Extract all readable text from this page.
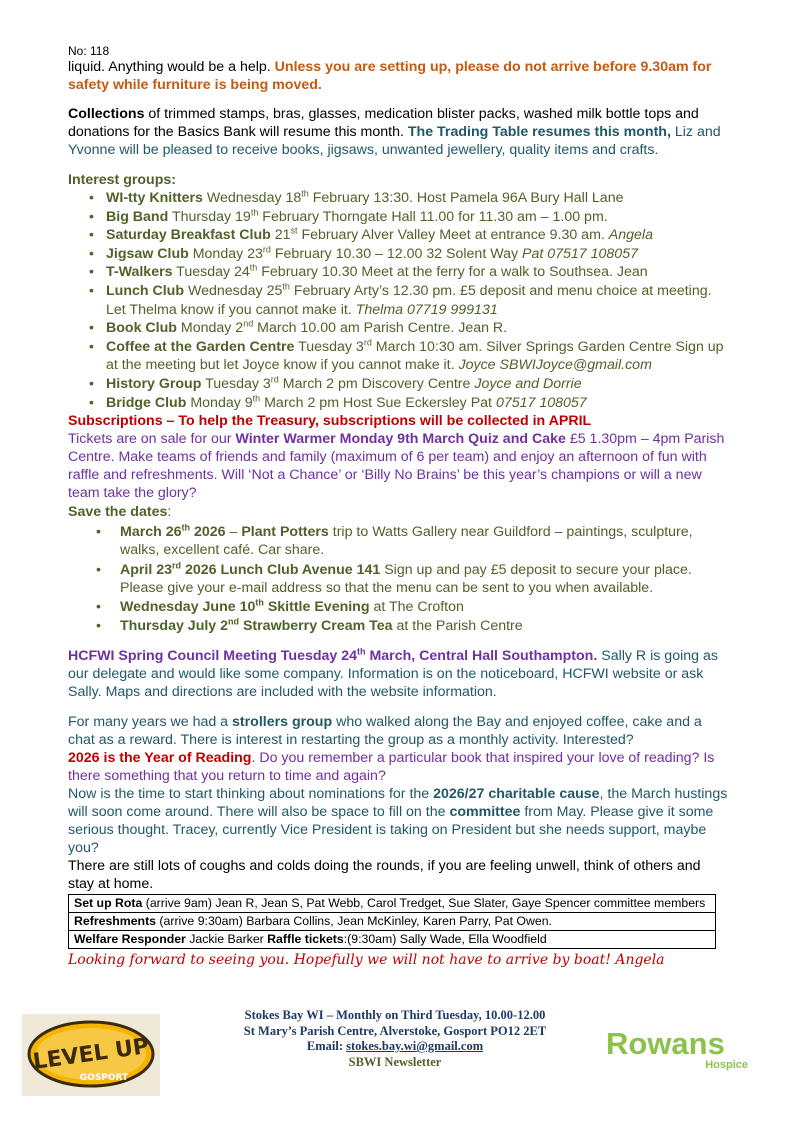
No: 118

liquid. Anything would be a help. Unless you are setting up, please do not arrive before 9.30am for safety while furniture is being moved.

Collections of trimmed stamps, bras, glasses, medication blister packs, washed milk bottle tops and donations for the Basics Bank will resume this month. The Trading Table resumes this month, Liz and Yvonne will be pleased to receive books, jigsaws, unwanted jewellery, quality items and crafts.

Interest groups:

• WI-tty Knitters Wednesday 18th February 13:30. Host Pamela 96A Bury Hall Lane
• Big Band Thursday 19th February Thorngate Hall 11.00 for 11.30 am – 1.00 pm.
• Saturday Breakfast Club 21st February Alver Valley Meet at entrance 9.30 am. Angela
• Jigsaw Club Monday 23rd February 10.30 – 12.00 32 Solent Way Pat 07517 108057
• T-Walkers Tuesday 24th February 10.30 Meet at the ferry for a walk to Southsea. Jean
• Lunch Club Wednesday 25th February Arty’s 12.30 pm. £5 deposit and menu choice at meeting. Let Thelma know if you cannot make it. Thelma 07719 999131
• Book Club Monday 2nd March 10.00 am Parish Centre. Jean R.
• Coffee at the Garden Centre Tuesday 3rd March 10:30 am. Silver Springs Garden Centre Sign up at the meeting but let Joyce know if you cannot make it. Joyce SBWIJoyce@gmail.com
• History Group Tuesday 3rd March 2 pm Discovery Centre Joyce and Dorrie
• Bridge Club Monday 9th March 2 pm Host Sue Eckersley Pat 07517 108057

Subscriptions – To help the Treasury, subscriptions will be collected in APRIL

Tickets are on sale for our Winter Warmer Monday 9th March Quiz and Cake £5 1.30pm – 4pm Parish Centre. Make teams of friends and family (maximum of 6 per team) and enjoy an afternoon of fun with raffle and refreshments. Will ‘Not a Chance’ or ‘Billy No Brains’ be this year’s champions or will a new team take the glory?

Save the dates:

• March 26th 2026 – Plant Potters trip to Watts Gallery near Guildford – paintings, sculpture, walks, excellent café. Car share.
• April 23rd 2026 Lunch Club Avenue 141 Sign up and pay £5 deposit to secure your place. Please give your e-mail address so that the menu can be sent to you when available.
• Wednesday June 10th Skittle Evening at The Crofton
• Thursday July 2nd Strawberry Cream Tea at the Parish Centre

HCFWI Spring Council Meeting Tuesday 24th March, Central Hall Southampton. Sally R is going as our delegate and would like some company. Information is on the noticeboard, HCFWI website or ask Sally. Maps and directions are included with the website information.

For many years we had a strollers group who walked along the Bay and enjoyed coffee, cake and a chat as a reward. There is interest in restarting the group as a monthly activity. Interested?

2026 is the Year of Reading. Do you remember a particular book that inspired your love of reading? Is there something that you return to time and again?

Now is the time to start thinking about nominations for the 2026/27 charitable cause, the March hustings will soon come around. There will also be space to fill on the committee from May. Please give it some serious thought. Tracey, currently Vice President is taking on President but she needs support, maybe you?

There are still lots of coughs and colds doing the rounds, if you are feeling unwell, think of others and stay at home.

Set up Rota (arrive 9am) Jean R, Jean S, Pat Webb, Carol Tredget, Sue Slater, Gaye Spencer committee members
Refreshments (arrive 9:30am) Barbara Collins, Jean McKinley, Karen Parry, Pat Owen.
Welfare Responder Jackie Barker Raffle tickets:(9:30am) Sally Wade, Ella Woodfield

Looking forward to seeing you. Hopefully we will not have to arrive by boat! Angela

LEVEL UP
GOSPORT
Stokes Bay WI – Monthly on Third Tuesday, 10.00-12.00
St Mary’s Parish Centre, Alverstoke, Gosport PO12 2ET
Email: stokes.bay.wi@gmail.com
SBWI Newsletter
Rowans
Hospice
